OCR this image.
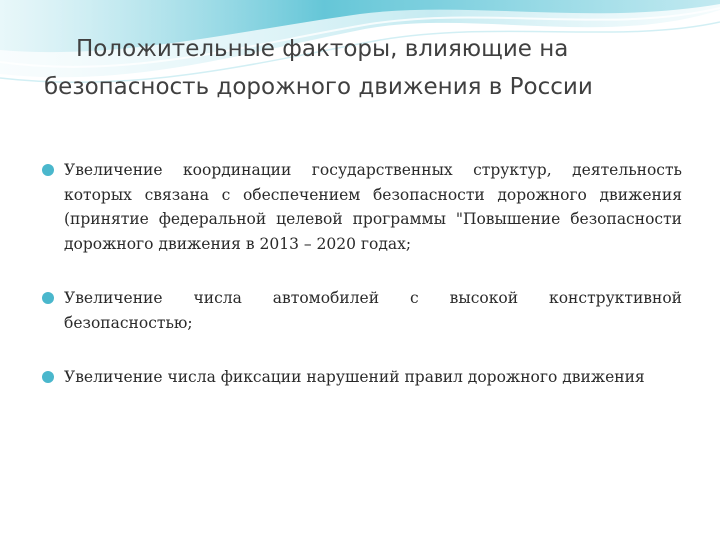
Положительные факторы, влияющие на безопасность дорожного движения в России
Увеличение координации государственных структур, деятельность которых связана с обеспечением безопасности дорожного движения (принятие федеральной целевой программы "Повышение безопасности дорожного движения в 2013 – 2020 годах;
Увеличение числа автомобилей с высокой конструктивной безопасностью;
Увеличение числа фиксации нарушений правил дорожного движения
